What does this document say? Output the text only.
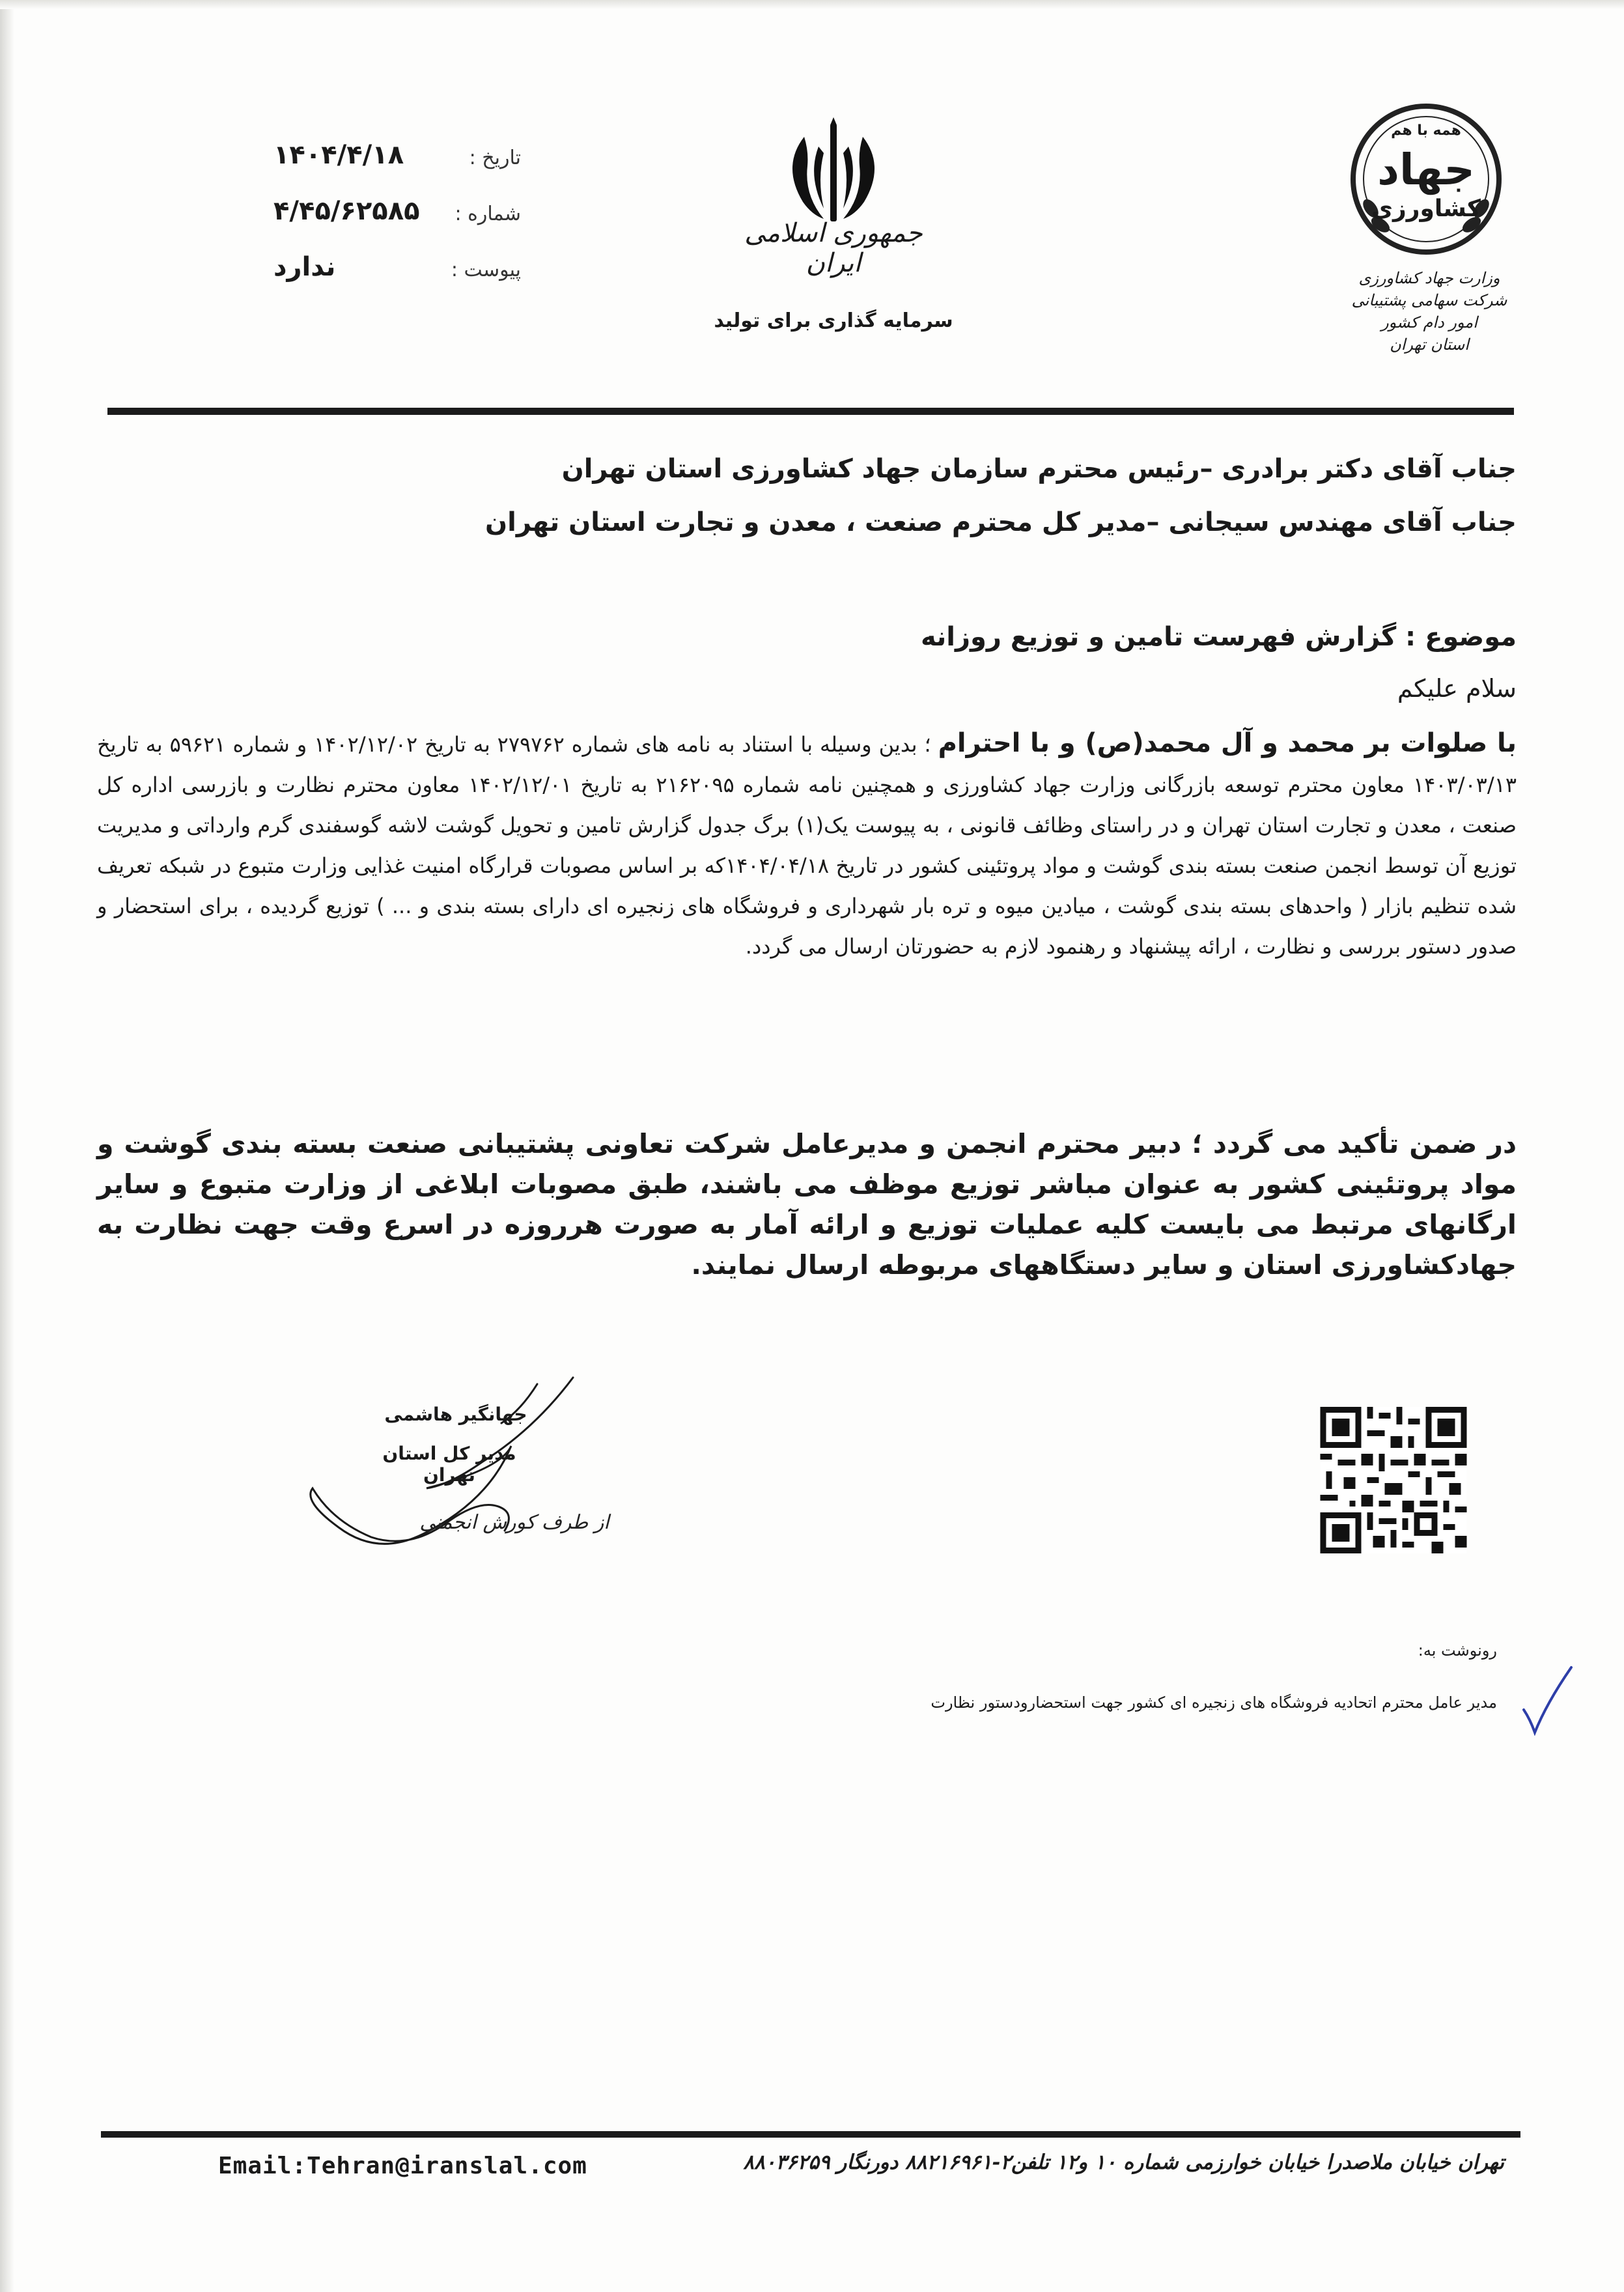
تاریخ :
۱۴۰۴/۴/۱۸
شماره :
۴/۴۵/۶۲۵۸۵
پیوست :
ندارد
جمهوری اسلامی ایران
سرمایه گذاری برای تولید
همه با هم
جهاد
کشاورزی
وزارت جهاد کشاورزی
شرکت سهامی پشتیبانی امور دام کشور
استان تهران
جناب آقای دکتر برادری –رئیس محترم سازمان جهاد کشاورزی استان تهران
جناب آقای مهندس سیجانی –مدیر کل محترم صنعت ، معدن و تجارت استان تهران
موضوع : گزارش فهرست تامین و توزیع روزانه
سلام علیکم
با صلوات بر محمد و آل محمد(ص) و با احترام ؛ بدین وسیله با استناد به نامه های شماره ۲۷۹۷۶۲ به تاریخ ۱۴۰۲/۱۲/۰۲ و شماره ۵۹۶۲۱ به تاریخ ۱۴۰۳/۰۳/۱۳ معاون محترم توسعه بازرگانی وزارت جهاد کشاورزی و همچنین نامه شماره ۲۱۶۲۰۹۵ به تاریخ ۱۴۰۲/۱۲/۰۱ معاون محترم نظارت و بازرسی اداره کل صنعت ، معدن و تجارت استان تهران و در راستای وظائف قانونی ، به پیوست یک(۱) برگ جدول گزارش تامین و تحویل گوشت لاشه گوسفندی گرم وارداتی و مدیریت توزیع آن توسط انجمن صنعت بسته بندی گوشت و مواد پروتئینی کشور در تاریخ ۱۴۰۴/۰۴/۱۸که بر اساس مصوبات قرارگاه امنیت غذایی وزارت متبوع در شبکه تعریف شده تنظیم بازار ( واحدهای بسته بندی گوشت ، میادین میوه و تره بار شهرداری و فروشگاه های زنجیره ای دارای بسته بندی و ... ) توزیع گردیده ، برای استحضار و صدور دستور بررسی و نظارت ، ارائه پیشنهاد و رهنمود لازم به حضورتان ارسال می گردد.
در ضمن تأکید می گردد ؛ دبیر محترم انجمن و مدیرعامل شرکت تعاونی پشتیبانی صنعت بسته بندی گوشت و مواد پروتئینی کشور به عنوان مباشر توزیع موظف می باشند، طبق مصوبات ابلاغی از وزارت متبوع و سایر ارگانهای مرتبط می بایست کلیه عملیات توزیع و ارائه آمار به صورت هرروزه در اسرع وقت جهت نظارت به جهادکشاورزی استان و سایر دستگاههای مربوطه ارسال نمایند.
جهانگیر هاشمی
مدیر کل استان تهران
از طرف کورش انجمنی
رونوشت به:
مدیر عامل محترم اتحادیه فروشگاه های زنجیره ای کشور جهت استحضارودستور نظارت
Email:Tehran@iranslal.com	تهران خیابان ملاصدرا خیابان خوارزمی شماره ۱۰ و۱۲ تلفن۲-۸۸۲۱۶۹۶۱ دورنگار ۸۸۰۳۶۲۵۹
